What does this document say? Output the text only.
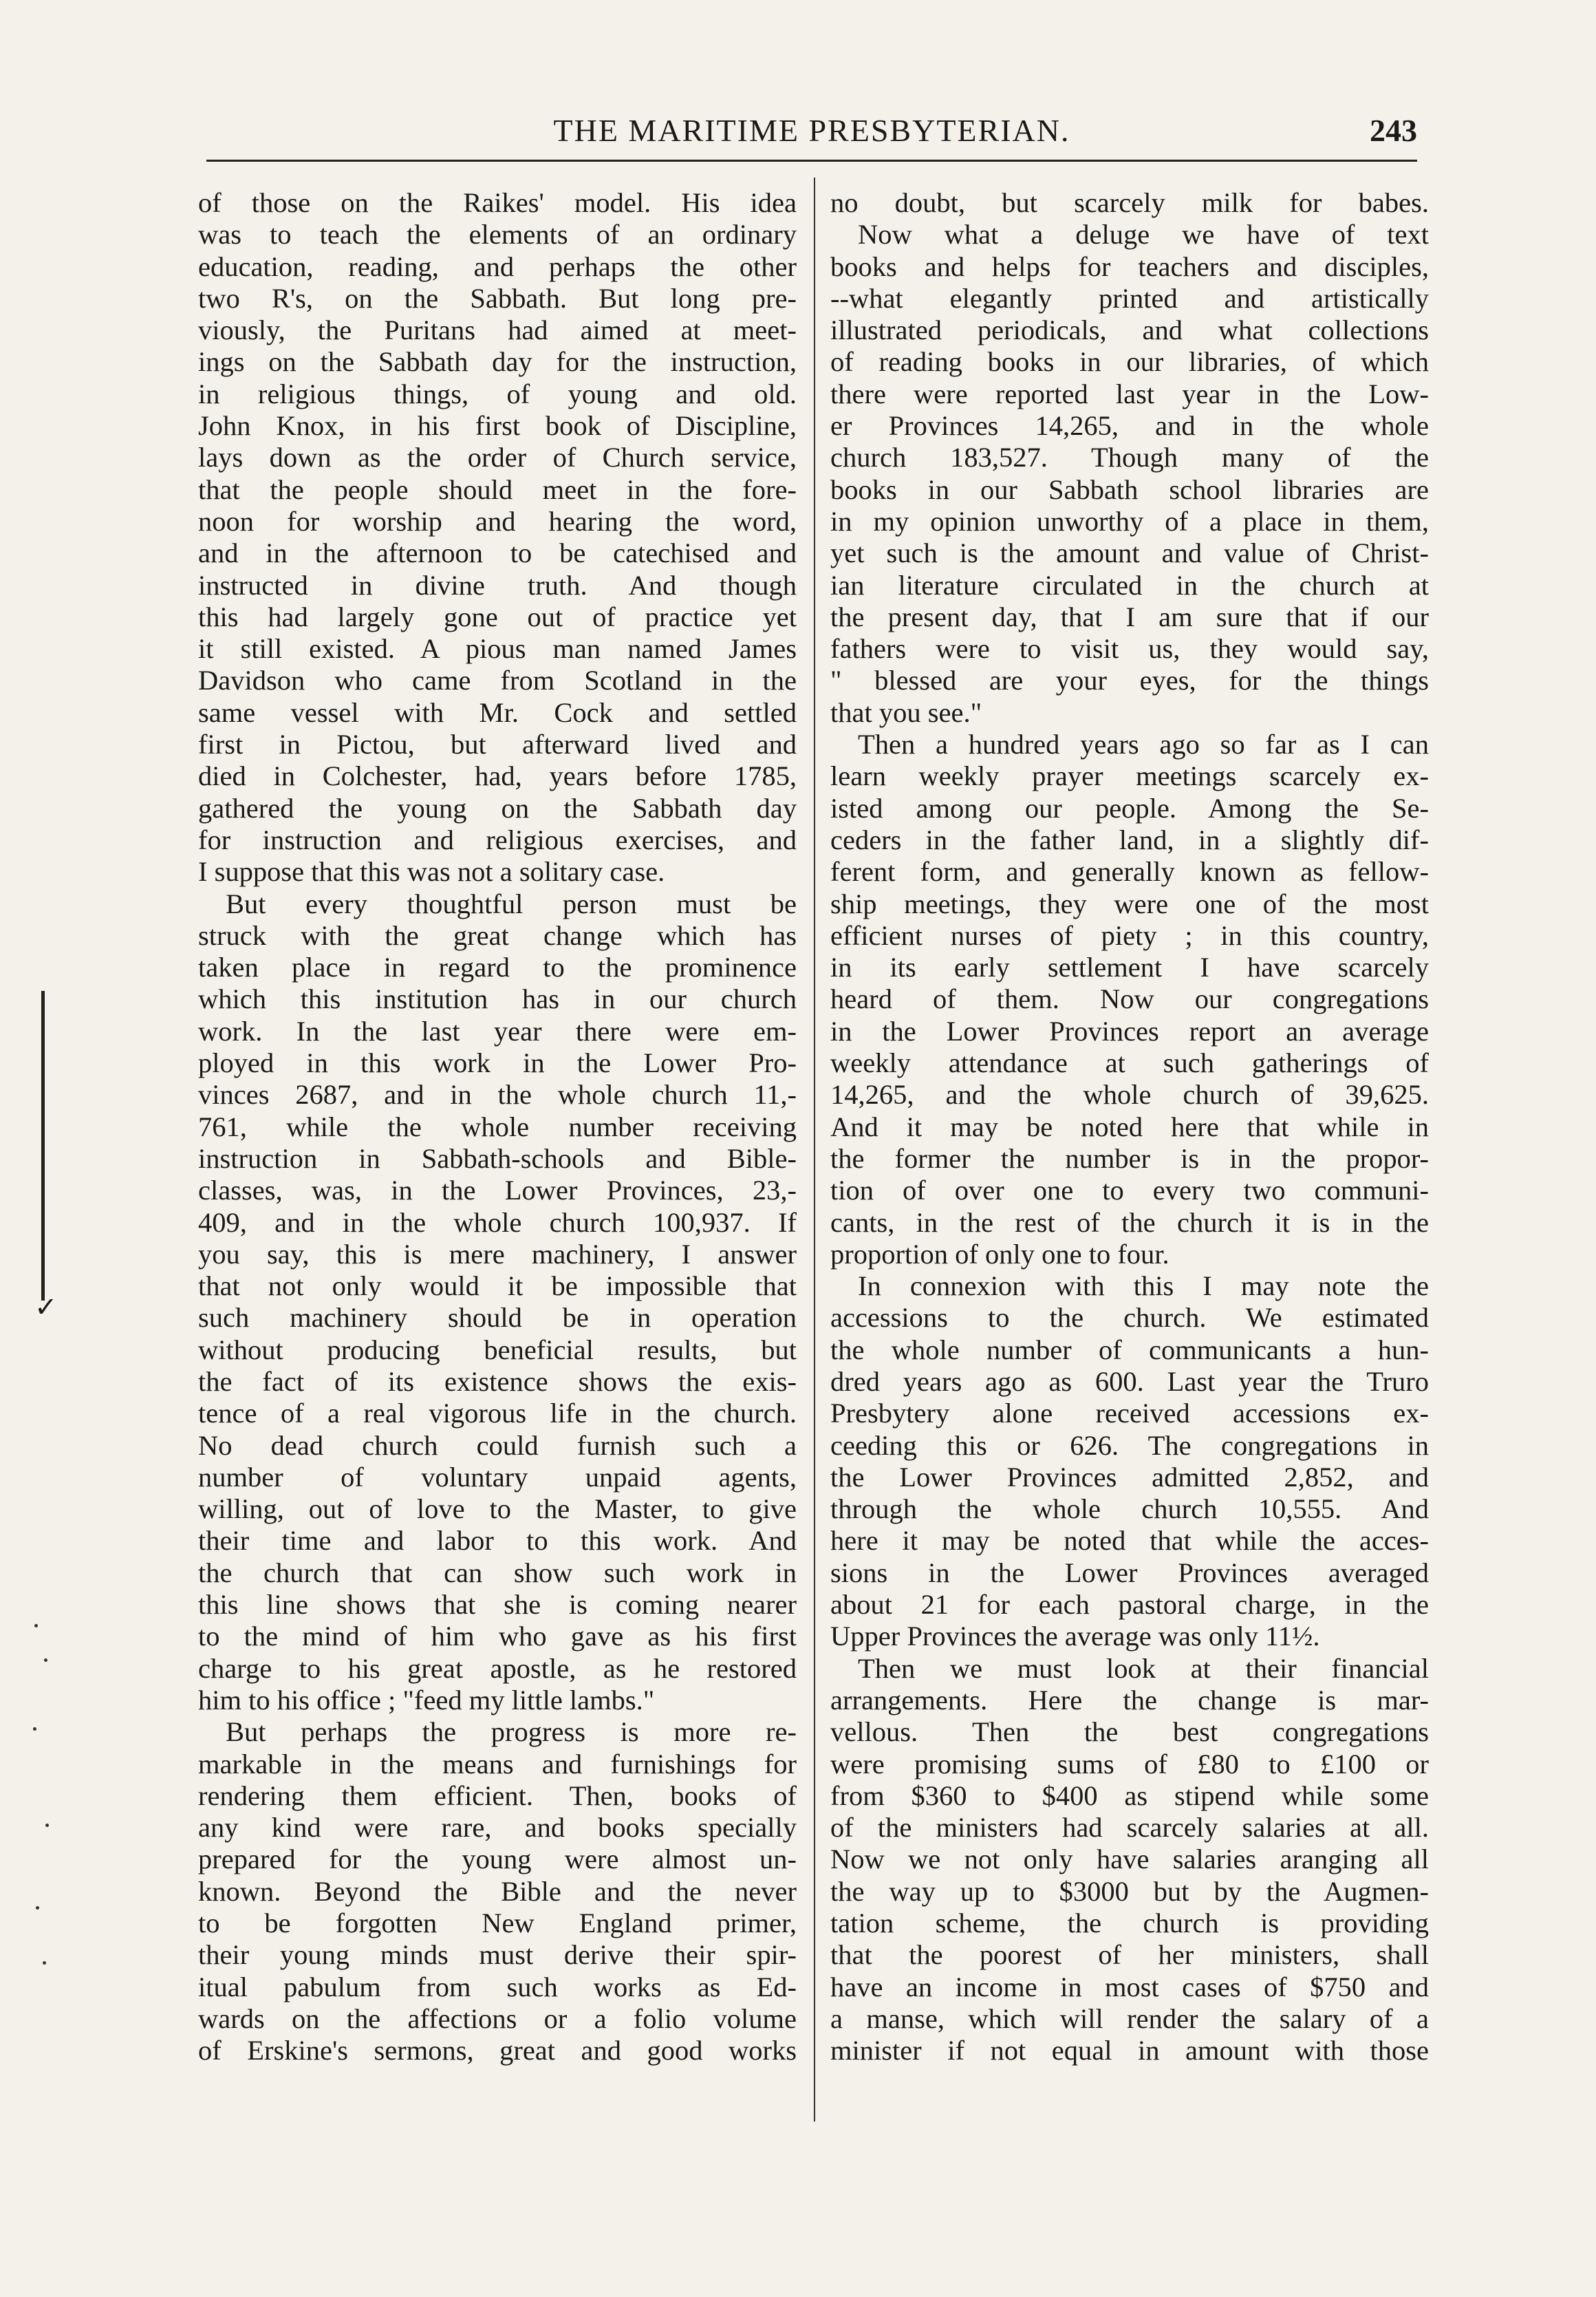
THE MARITIME PRESBYTERIAN.	243
of those on the Raikes' model. His idea
was to teach the elements of an ordinary
education, reading, and perhaps the other
two R's, on the Sabbath. But long pre-
viously, the Puritans had aimed at meet-
ings on the Sabbath day for the instruction,
in religious things, of young and old.
John Knox, in his first book of Discipline,
lays down as the order of Church service,
that the people should meet in the fore-
noon for worship and hearing the word,
and in the afternoon to be catechised and
instructed in divine truth. And though
this had largely gone out of practice yet
it still existed. A pious man named James
Davidson who came from Scotland in the
same vessel with Mr. Cock and settled
first in Pictou, but afterward lived and
died in Colchester, had, years before 1785,
gathered the young on the Sabbath day
for instruction and religious exercises, and
I suppose that this was not a solitary case.
But every thoughtful person must be
struck with the great change which has
taken place in regard to the prominence
which this institution has in our church
work. In the last year there were em-
ployed in this work in the Lower Pro-
vinces 2687, and in the whole church 11,-
761, while the whole number receiving
instruction in Sabbath-schools and Bible-
classes, was, in the Lower Provinces, 23,-
409, and in the whole church 100,937. If
you say, this is mere machinery, I answer
that not only would it be impossible that
such machinery should be in operation
without producing beneficial results, but
the fact of its existence shows the exis-
tence of a real vigorous life in the church.
No dead church could furnish such a
number of voluntary unpaid agents,
willing, out of love to the Master, to give
their time and labor to this work. And
the church that can show such work in
this line shows that she is coming nearer
to the mind of him who gave as his first
charge to his great apostle, as he restored
him to his office ; "feed my little lambs."
But perhaps the progress is more re-
markable in the means and furnishings for
rendering them efficient. Then, books of
any kind were rare, and books specially
prepared for the young were almost un-
known. Beyond the Bible and the never
to be forgotten New England primer,
their young minds must derive their spir-
itual pabulum from such works as Ed-
wards on the affections or a folio volume
of Erskine's sermons, great and good works
no doubt, but scarcely milk for babes.
Now what a deluge we have of text
books and helps for teachers and disciples,
--what elegantly printed and artistically
illustrated periodicals, and what collections
of reading books in our libraries, of which
there were reported last year in the Low-
er Provinces 14,265, and in the whole
church 183,527. Though many of the
books in our Sabbath school libraries are
in my opinion unworthy of a place in them,
yet such is the amount and value of Christ-
ian literature circulated in the church at
the present day, that I am sure that if our
fathers were to visit us, they would say,
" blessed are your eyes, for the things
that you see."
Then a hundred years ago so far as I can
learn weekly prayer meetings scarcely ex-
isted among our people. Among the Se-
ceders in the father land, in a slightly dif-
ferent form, and generally known as fellow-
ship meetings, they were one of the most
efficient nurses of piety ; in this country,
in its early settlement I have scarcely
heard of them. Now our congregations
in the Lower Provinces report an average
weekly attendance at such gatherings of
14,265, and the whole church of 39,625.
And it may be noted here that while in
the former the number is in the propor-
tion of over one to every two communi-
cants, in the rest of the church it is in the
proportion of only one to four.
In connexion with this I may note the
accessions to the church. We estimated
the whole number of communicants a hun-
dred years ago as 600. Last year the Truro
Presbytery alone received accessions ex-
ceeding this or 626. The congregations in
the Lower Provinces admitted 2,852, and
through the whole church 10,555. And
here it may be noted that while the acces-
sions in the Lower Provinces averaged
about 21 for each pastoral charge, in the
Upper Provinces the average was only 11½.
Then we must look at their financial
arrangements. Here the change is mar-
vellous. Then the best congregations
were promising sums of £80 to £100 or
from $360 to $400 as stipend while some
of the ministers had scarcely salaries at all.
Now we not only have salaries aranging all
the way up to $3000 but by the Augmen-
tation scheme, the church is providing
that the poorest of her ministers, shall
have an income in most cases of $750 and
a manse, which will render the salary of a
minister if not equal in amount with those
✓
